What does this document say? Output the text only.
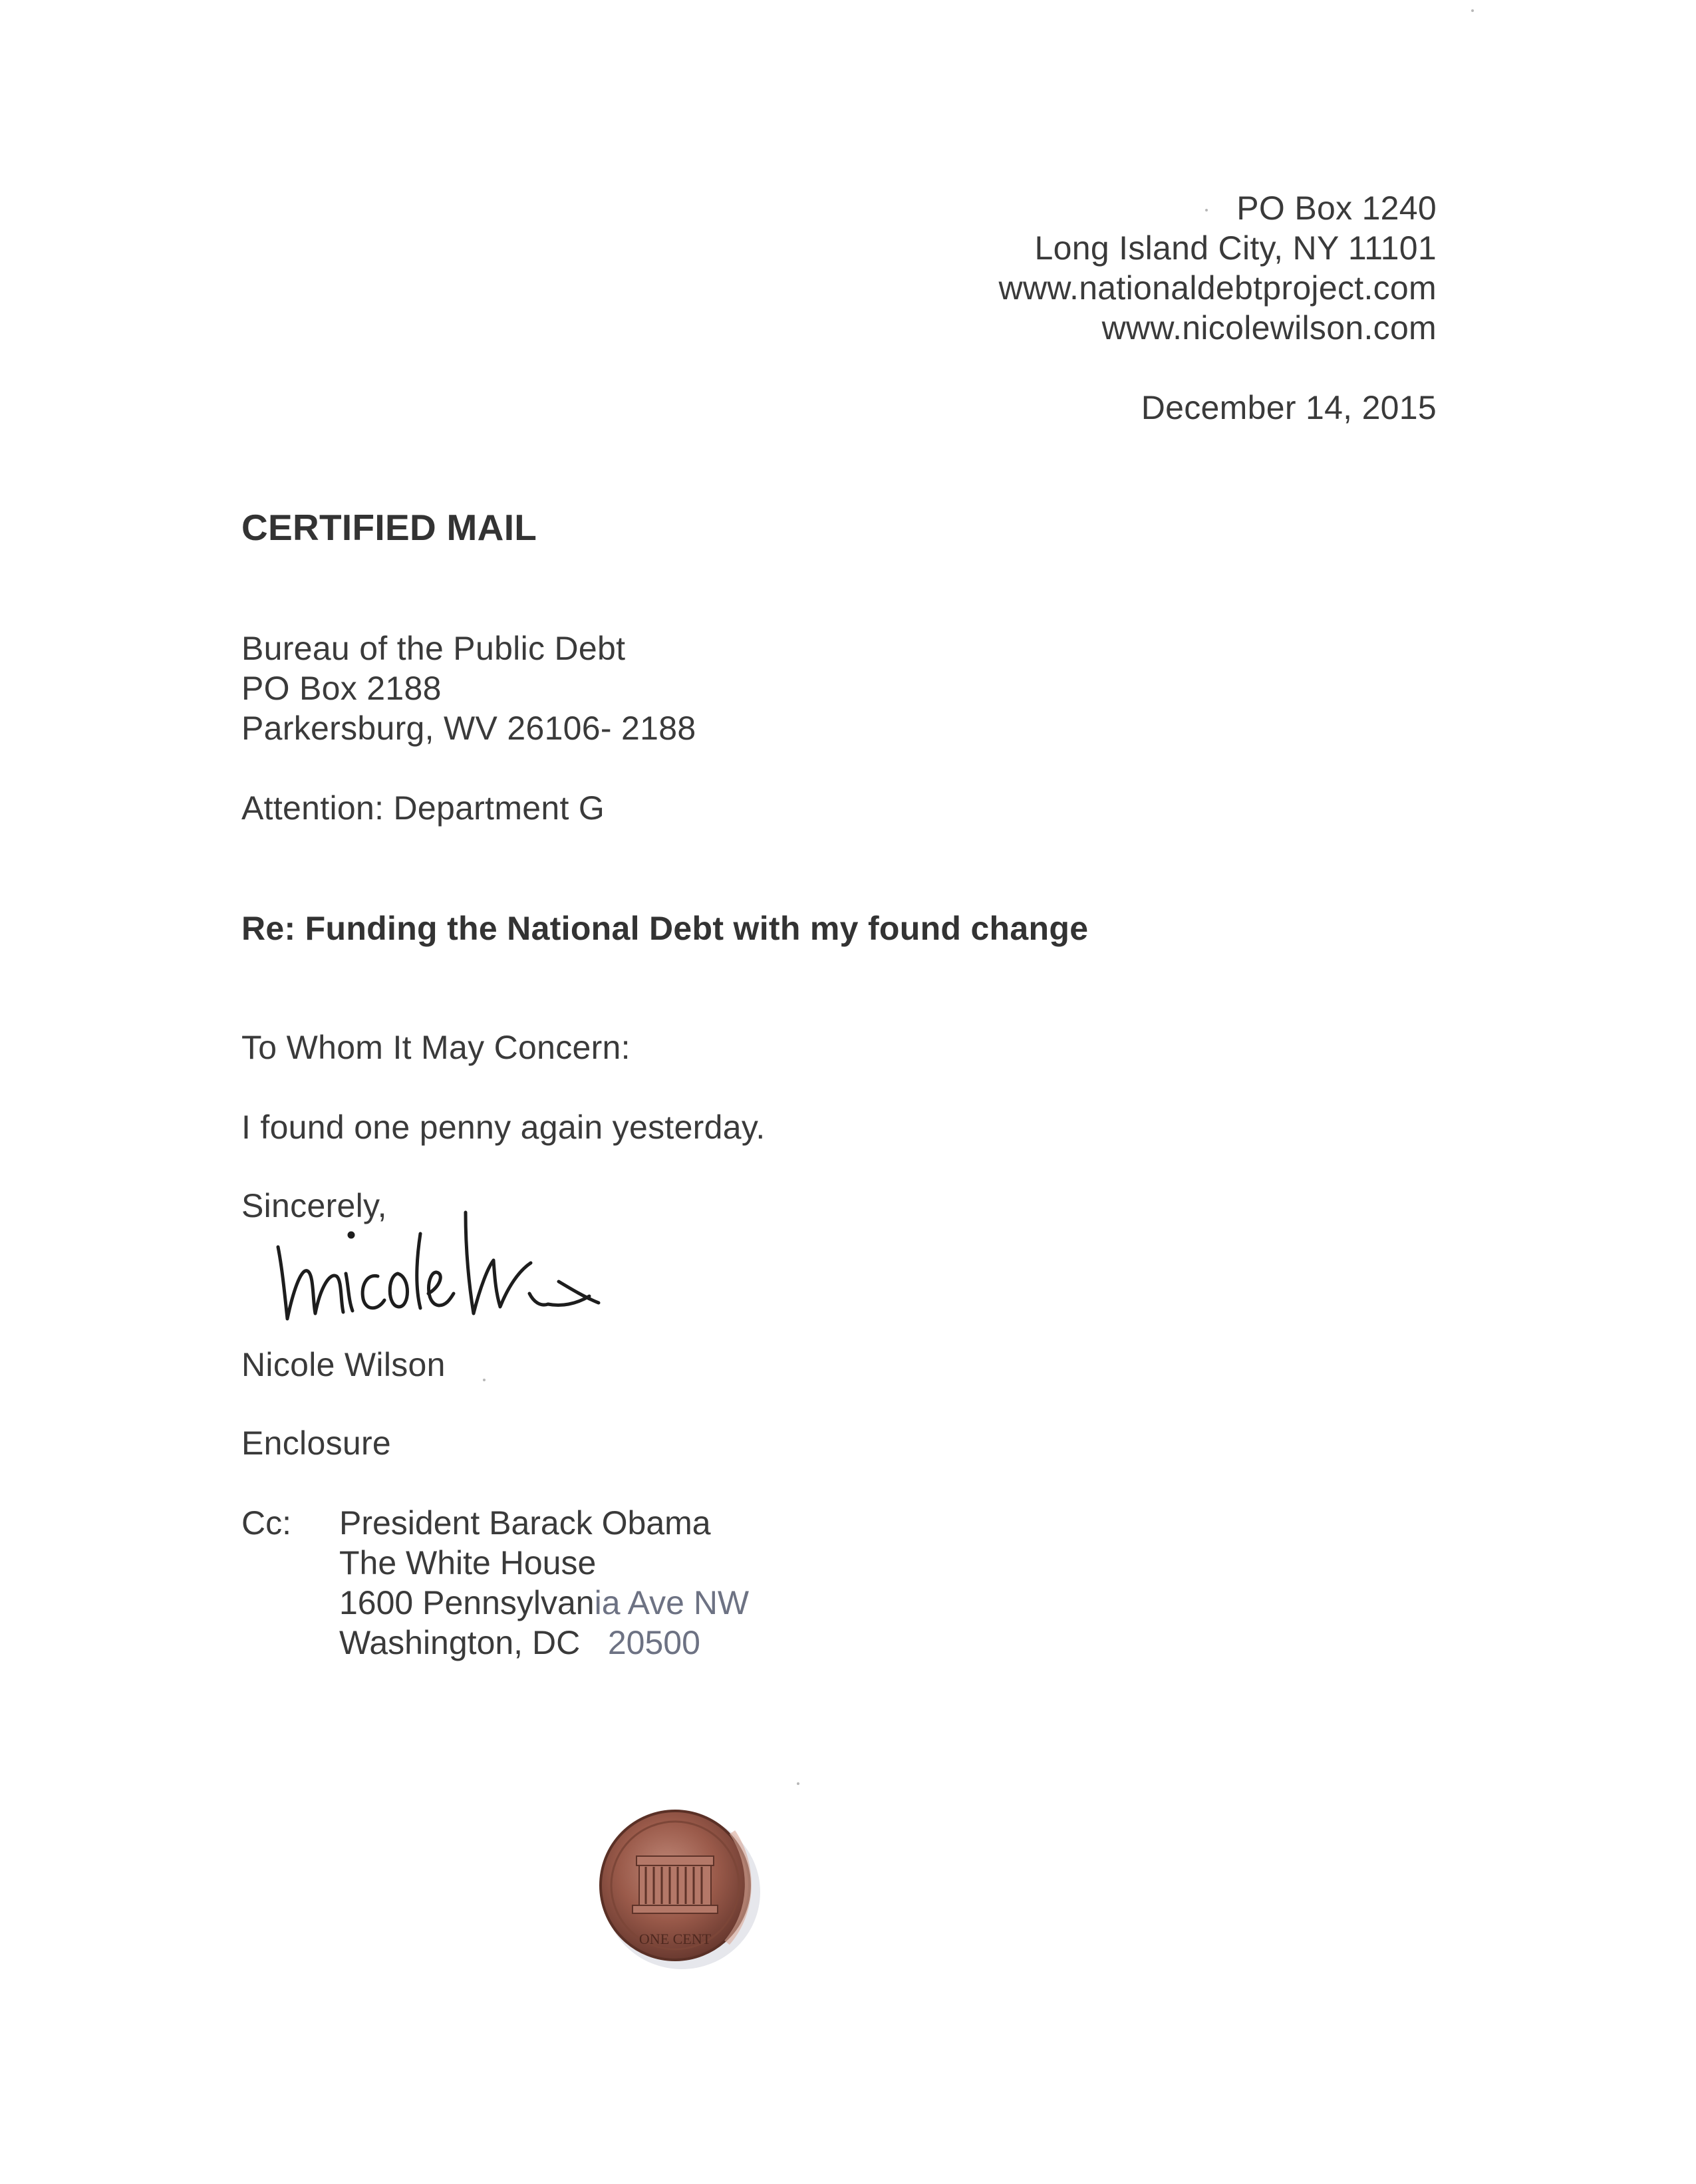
PO Box 1240
Long Island City, NY 11101
www.nationaldebtproject.com
www.nicolewilson.com
December 14, 2015
CERTIFIED MAIL
Bureau of the Public Debt
PO Box 2188
Parkersburg, WV 26106- 2188
Attention: Department G
Re: Funding the National Debt with my found change
To Whom It May Concern:
I found one penny again yesterday.
Sincerely,
Nicole Wilson
Enclosure
Cc: President Barack Obama
The White House
1600 Pennsylvania Ave NW
Washington, DC 20500
ONE CENT
